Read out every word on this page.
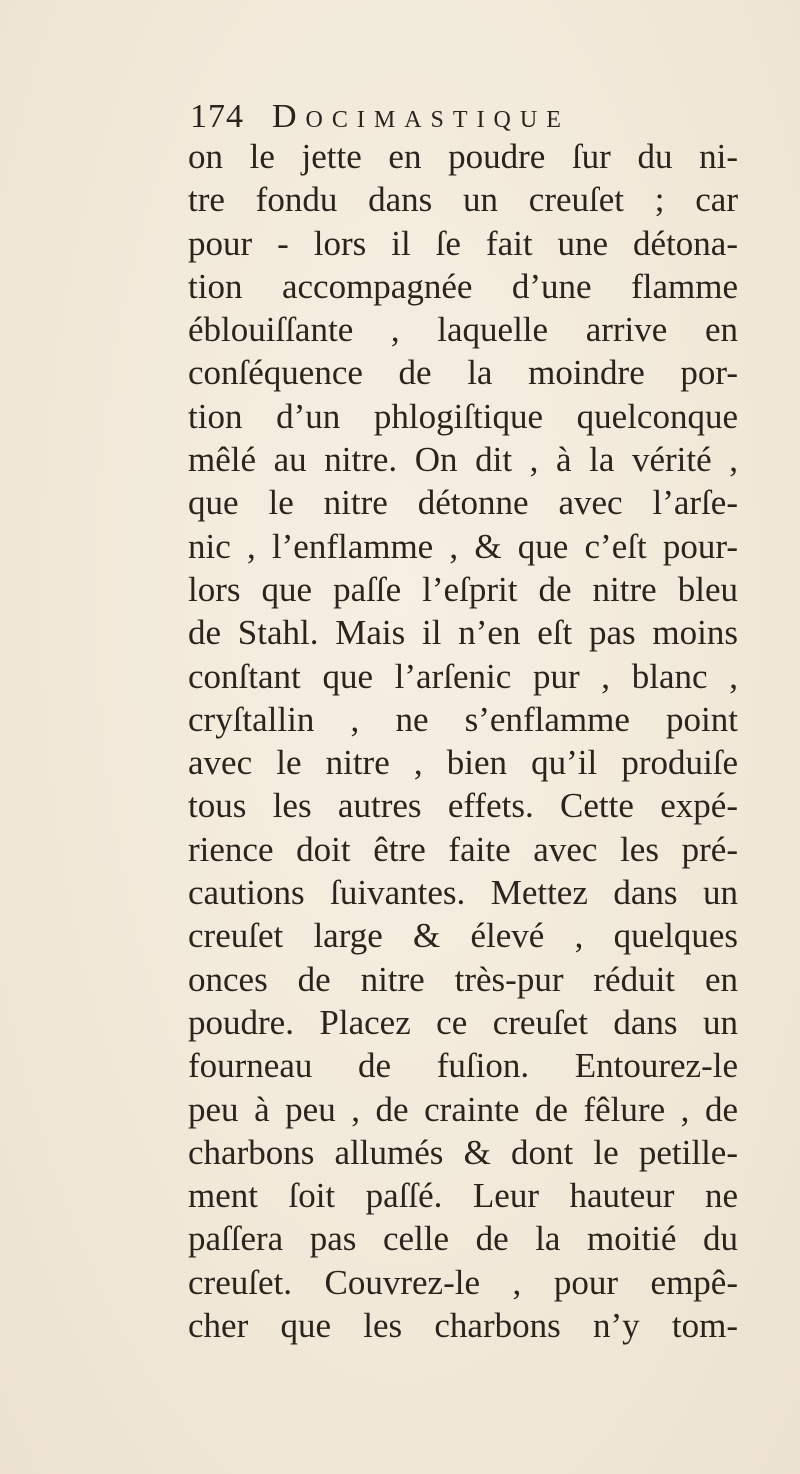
174 Docimastique
on le jette en poudre ſur du ni-
tre fondu dans un creuſet ; car
pour - lors il ſe fait une détona-
tion accompagnée d’une flamme
éblouiſſante , laquelle arrive en
conſéquence de la moindre por-
tion d’un phlogiſtique quelconque
mêlé au nitre. On dit , à la vérité ,
que le nitre détonne avec l’arſe-
nic , l’enflamme , & que c’eſt pour-
lors que paſſe l’eſprit de nitre bleu
de Stahl. Mais il n’en eſt pas moins
conſtant que l’arſenic pur , blanc ,
cryſtallin , ne s’enflamme point
avec le nitre , bien qu’il produiſe
tous les autres effets. Cette expé-
rience doit être faite avec les pré-
cautions ſuivantes. Mettez dans un
creuſet large & élevé , quelques
onces de nitre très-pur réduit en
poudre. Placez ce creuſet dans un
fourneau de fuſion. Entourez-le
peu à peu , de crainte de fêlure , de
charbons allumés & dont le petille-
ment ſoit paſſé. Leur hauteur ne
paſſera pas celle de la moitié du
creuſet. Couvrez-le , pour empê-
cher que les charbons n’y tom-
